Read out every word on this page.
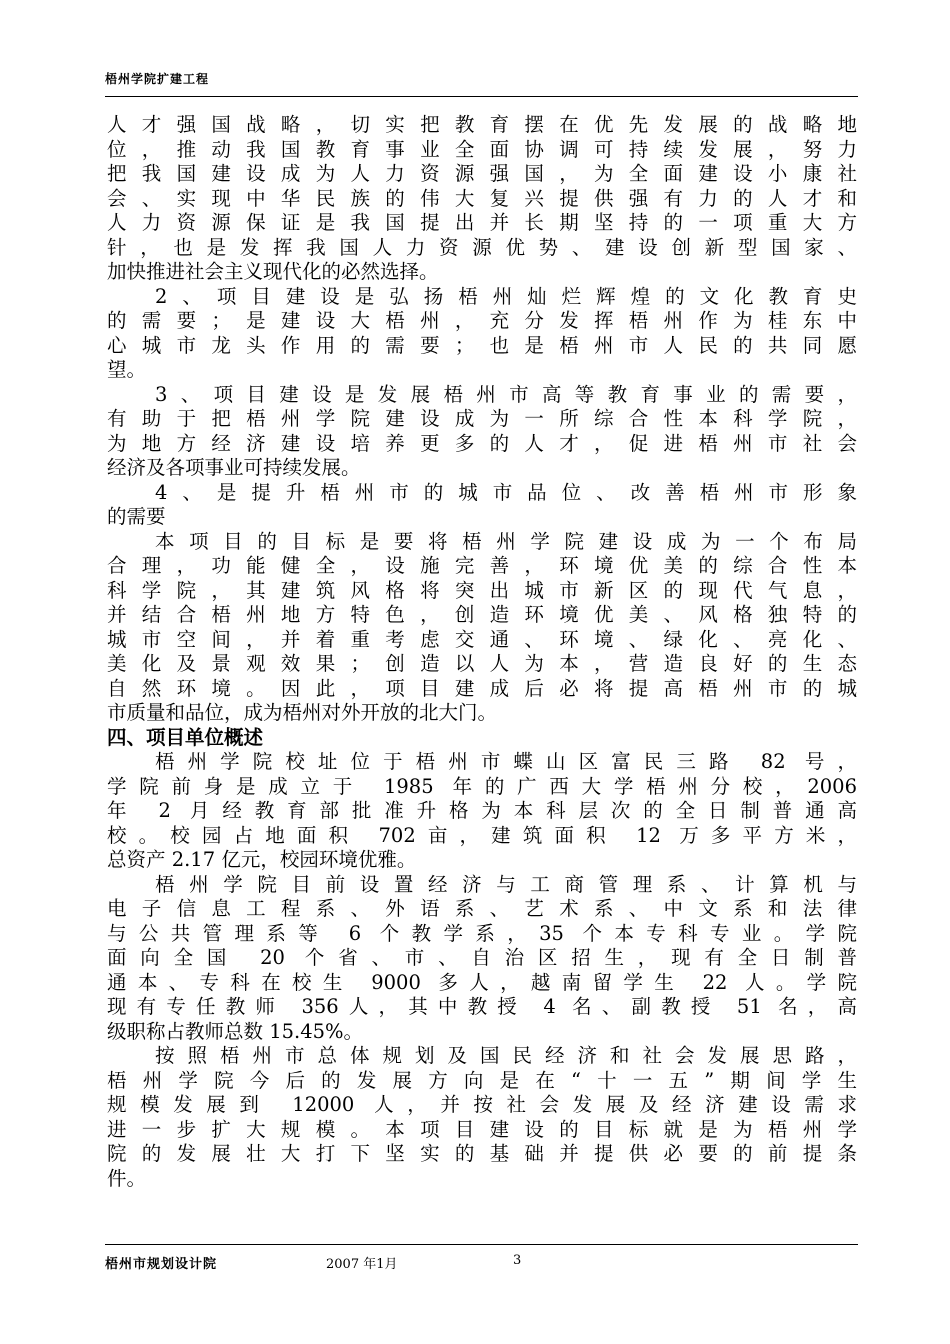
梧州学院扩建工程
人才强国战略，切实把教育摆在优先发展的战略地
位，推动我国教育事业全面协调可持续发展，努力
把我国建设成为人力资源强国，为全面建设小康社
会、实现中华民族的伟大复兴提供强有力的人才和
人力资源保证是我国提出并长期坚持的一项重大方
针，也是发挥我国人力资源优势、建设创新型国家、
加快推进社会主义现代化的必然选择。
2、项目建设是弘扬梧州灿烂辉煌的文化教育史
的需要；是建设大梧州，充分发挥梧州作为桂东中
心城市龙头作用的需要；也是梧州市人民的共同愿
望。
3、项目建设是发展梧州市高等教育事业的需要，
有助于把梧州学院建设成为一所综合性本科学院，
为地方经济建设培养更多的人才，促进梧州市社会
经济及各项事业可持续发展。
4、是提升梧州市的城市品位、改善梧州市形象
的需要
本项目的目标是要将梧州学院建设成为一个布局
合理，功能健全，设施完善，环境优美的综合性本
科学院，其建筑风格将突出城市新区的现代气息，
并结合梧州地方特色，创造环境优美、风格独特的
城市空间，并着重考虑交通、环境、绿化、亮化、
美化及景观效果；创造以人为本，营造良好的生态
自然环境。因此，项目建成后必将提高梧州市的城
市质量和品位，成为梧州对外开放的北大门。
四、项目单位概述
梧州学院校址位于梧州市蝶山区富民三路 82 号，
学院前身是成立于 1985 年的广西大学梧州分校，2006
年 2 月经教育部批准升格为本科层次的全日制普通高
校。校园占地面积 702亩，建筑面积 12 万多平方米，
总资产 2.17 亿元，校园环境优雅。
梧州学院目前设置经济与工商管理系、计算机与
电子信息工程系、外语系、艺术系、中文系和法律
与公共管理系等 6 个教学系，35 个本专科专业。学院
面向全国 20 个省、市、自治区招生，现有全日制普
通本、专科在校生 9000 多人，越南留学生 22 人。学院
现有专任教师 356人，其中教授 4 名、副教授 51 名，高
级职称占教师总数 15.45%。
按照梧州市总体规划及国民经济和社会发展思路，
梧州学院今后的发展方向是在“十一五”期间学生
规模发展到 12000 人，并按社会发展及经济建设需求
进一步扩大规模。本项目建设的目标就是为梧州学
院的发展壮大打下坚实的基础并提供必要的前提条
件。
梧州市规划设计院	2007 年1月	3
